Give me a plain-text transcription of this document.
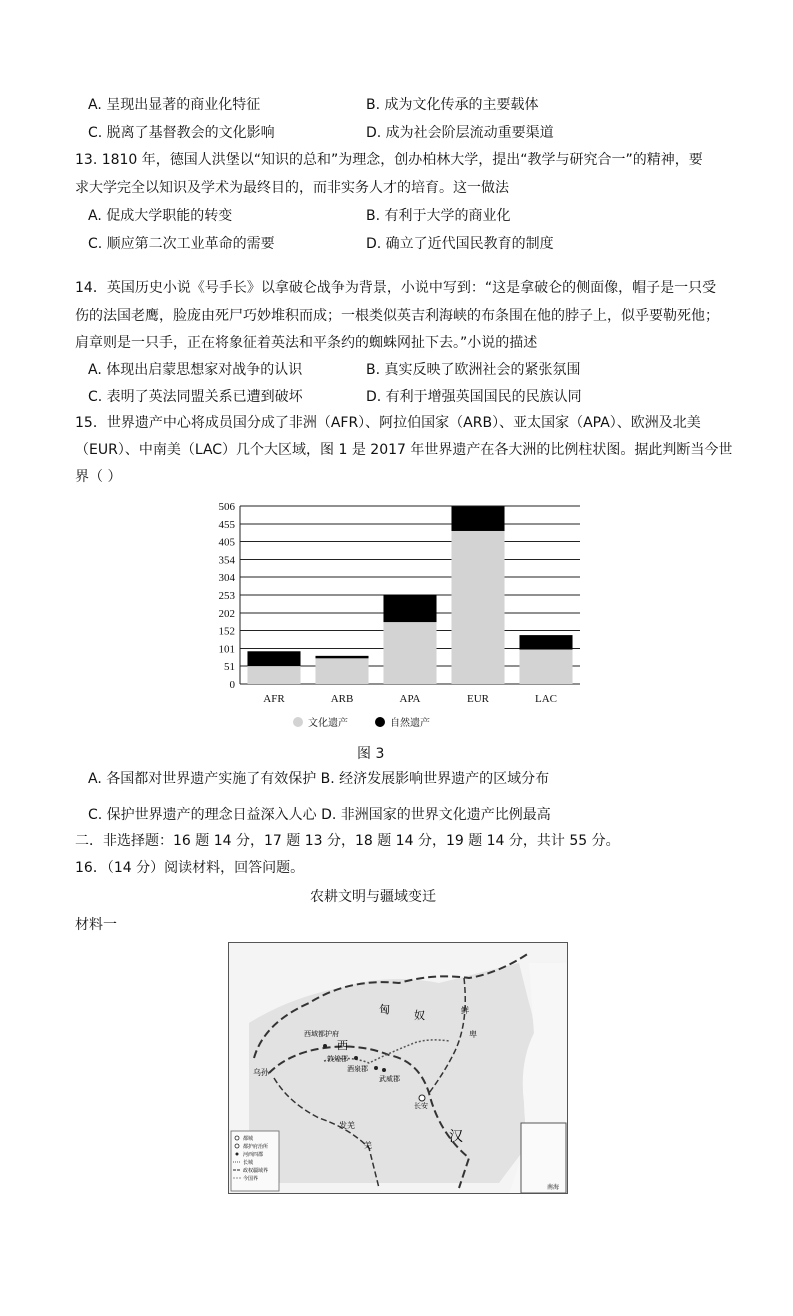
A. 呈现出显著的商业化特征	B. 成为文化传承的主要载体
C. 脱离了基督教会的文化影响	D. 成为社会阶层流动重要渠道
13. 1810 年，德国人洪堡以“知识的总和”为理念，创办柏林大学，提出“教学与研究合一”的精神，要
求大学完全以知识及学术为最终目的，而非实务人才的培育。这一做法
A. 促成大学职能的转变	B. 有利于大学的商业化
C. 顺应第二次工业革命的需要	D. 确立了近代国民教育的制度
14．英国历史小说《号手长》以拿破仑战争为背景，小说中写到：“这是拿破仑的侧面像，帽子是一只受
伤的法国老鹰，脸庞由死尸巧妙堆积而成；一根类似英吉利海峡的布条围在他的脖子上，似乎要勒死他；
肩章则是一只手，正在将象征着英法和平条约的蜘蛛网扯下去。”小说的描述
A. 体现出启蒙思想家对战争的认识	B. 真实反映了欧洲社会的紧张氛围
C. 表明了英法同盟关系已遭到破坏	D. 有利于增强英国国民的民族认同
15．世界遗产中心将成员国分成了非洲（AFR）、阿拉伯国家（ARB）、亚太国家（APA）、欧洲及北美
（EUR）、中南美（LAC）几个大区域，图 1 是 2017 年世界遗产在各大洲的比例柱状图。据此判断当今世
界（ ）
0
51
101
152
202
253
304
354
405
455
506
AFR	ARB	APA	EUR	LAC
文化遗产	自然遗产
图 3
A. 各国都对世界遗产实施了有效保护 B. 经济发展影响世界遗产的区域分布
C. 保护世界遗产的理念日益深入人心 D. 非洲国家的世界文化遗产比例最高
二．非选择题：16 题 14 分，17 题 13 分，18 题 14 分，19 题 14 分，共计 55 分。
16．（14 分）阅读材料，回答问题。
农耕文明与疆域变迁
材料一
匈 奴	鲜
卑
西
汉
乌孙
西域都护府
敦煌郡
酒泉郡
武威郡
长安
发羌
羌
南海
都城
都护府治所
河西四郡
长城
政权疆域界
今国界
